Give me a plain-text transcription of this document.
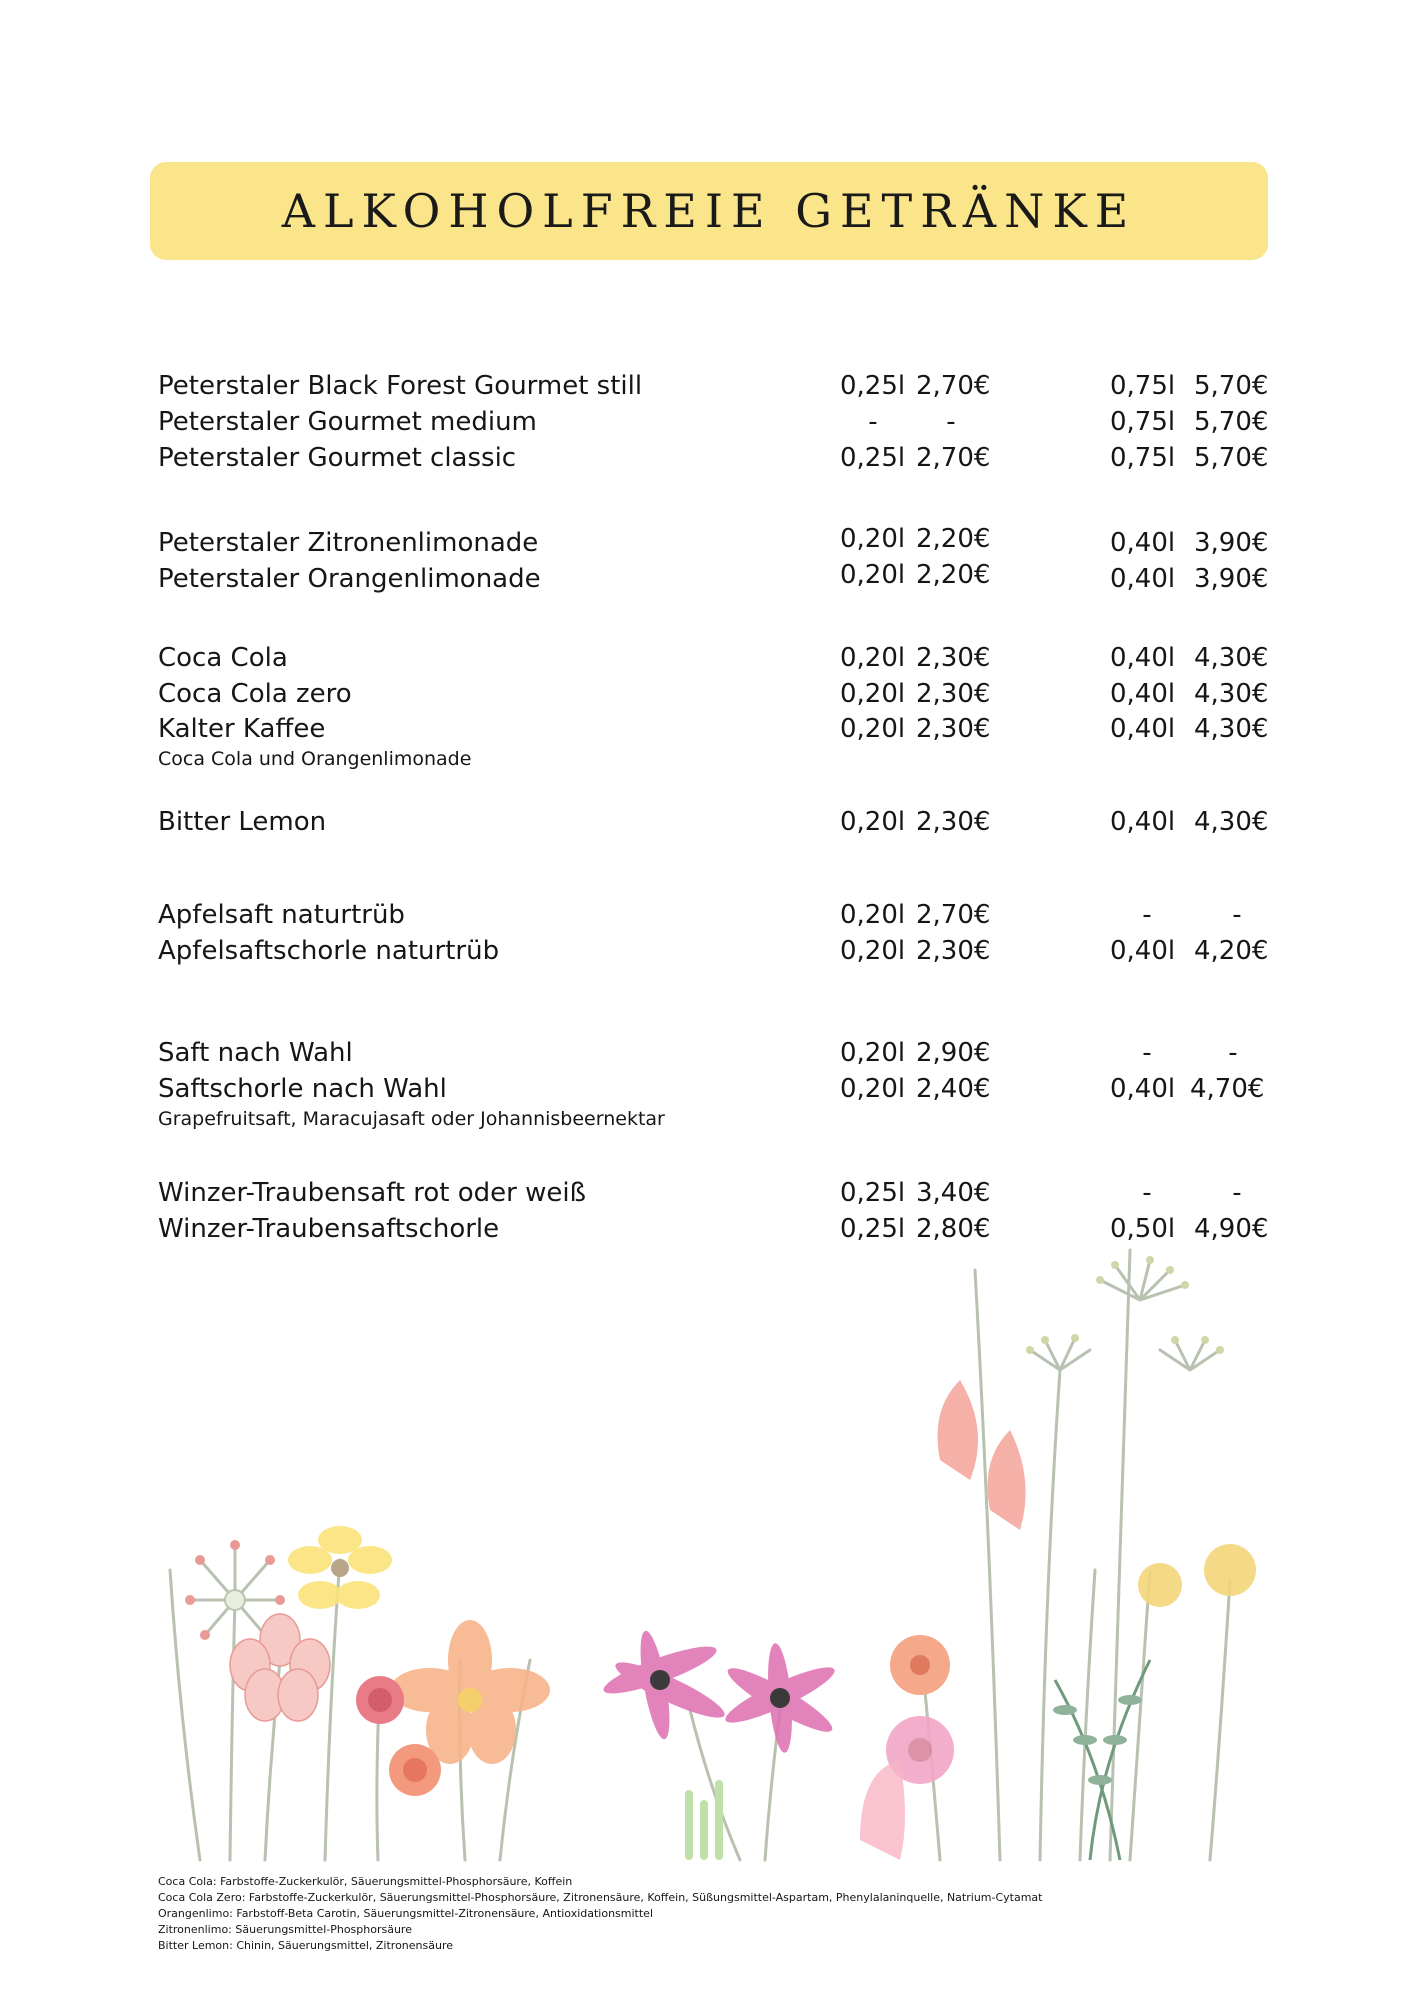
ALKOHOLFREIE GETRÄNKE
Peterstaler Black Forest Gourmet still	0,25l 2,70€	0,75l 5,70€
Peterstaler Gourmet medium	-	-	0,75l 5,70€
Peterstaler Gourmet classic	0,25l 2,70€	0,75l 5,70€
Peterstaler Zitronenlimonade	0,20l 2,20€	0,40l 3,90€
Peterstaler Orangenlimonade	0,20l 2,20€	0,40l 3,90€
Coca Cola	0,20l 2,30€	0,40l 4,30€
Coca Cola zero	0,20l 2,30€	0,40l 4,30€
Kalter Kaffee	0,20l 2,30€	0,40l 4,30€
Coca Cola und Orangenlimonade
Bitter Lemon	0,20l 2,30€	0,40l 4,30€
Apfelsaft naturtrüb	0,20l 2,70€	-	-
Apfelsaftschorle naturtrüb	0,20l 2,30€	0,40l 4,20€
Saft nach Wahl	0,20l 2,90€	-	-
Saftschorle nach Wahl	0,20l 2,40€	0,40l 4,70€
Grapefruitsaft, Maracujasaft oder Johannisbeernektar
Winzer-Traubensaft rot oder weiß	0,25l 3,40€	-	-
Winzer-Traubensaftschorle	0,25l 2,80€	0,50l 4,90€
Coca Cola: Farbstoffe-Zuckerkulör, Säuerungsmittel-Phosphorsäure, Koffein
Coca Cola Zero: Farbstoffe-Zuckerkulör, Säuerungsmittel-Phosphorsäure, Zitronensäure, Koffein, Süßungsmittel-Aspartam, Phenylalaninquelle, Natrium-Cytamat
Orangenlimo: Farbstoff-Beta Carotin, Säuerungsmittel-Zitronensäure, Antioxidationsmittel
Zitronenlimo: Säuerungsmittel-Phosphorsäure
Bitter Lemon: Chinin, Säuerungsmittel, Zitronensäure
